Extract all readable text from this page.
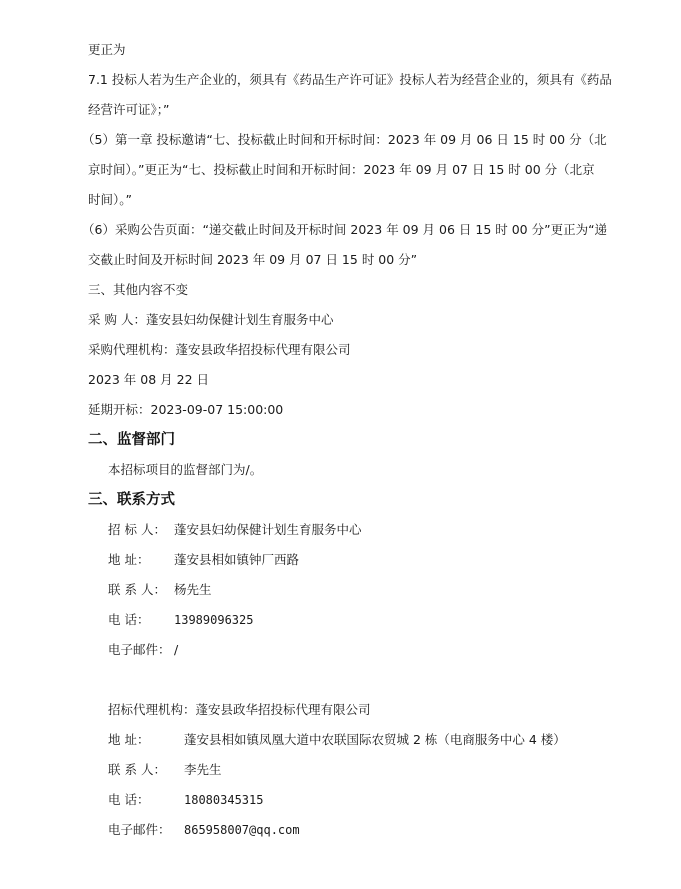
更正为
7.1 投标人若为生产企业的，须具有《药品生产许可证》投标人若为经营企业的，须具有《药品
经营许可证》；”
（5）第一章 投标邀请“七、投标截止时间和开标时间：2023 年 09 月 06 日 15 时 00 分（北
京时间）。”更正为“七、投标截止时间和开标时间：2023 年 09 月 07 日 15 时 00 分（北京
时间）。”
（6）采购公告页面：“递交截止时间及开标时间 2023 年 09 月 06 日 15 时 00 分”更正为“递
交截止时间及开标时间 2023 年 09 月 07 日 15 时 00 分”
三、其他内容不变
采 购 人：蓬安县妇幼保健计划生育服务中心
采购代理机构：蓬安县政华招投标代理有限公司
2023 年 08 月 22 日
延期开标：2023-09-07 15:00:00
二、监督部门
本招标项目的监督部门为/。
三、联系方式
招 标 人： 蓬安县妇幼保健计划生育服务中心
地 址： 蓬安县相如镇钟厂西路
联 系 人： 杨先生
电 话： 13989096325
电子邮件： /
招标代理机构：蓬安县政华招投标代理有限公司
地 址：	蓬安县相如镇凤凰大道中农联国际农贸城 2 栋（电商服务中心 4 楼）
联 系 人： 李先生
电 话：	18080345315
电子邮件： 865958007@qq.com
